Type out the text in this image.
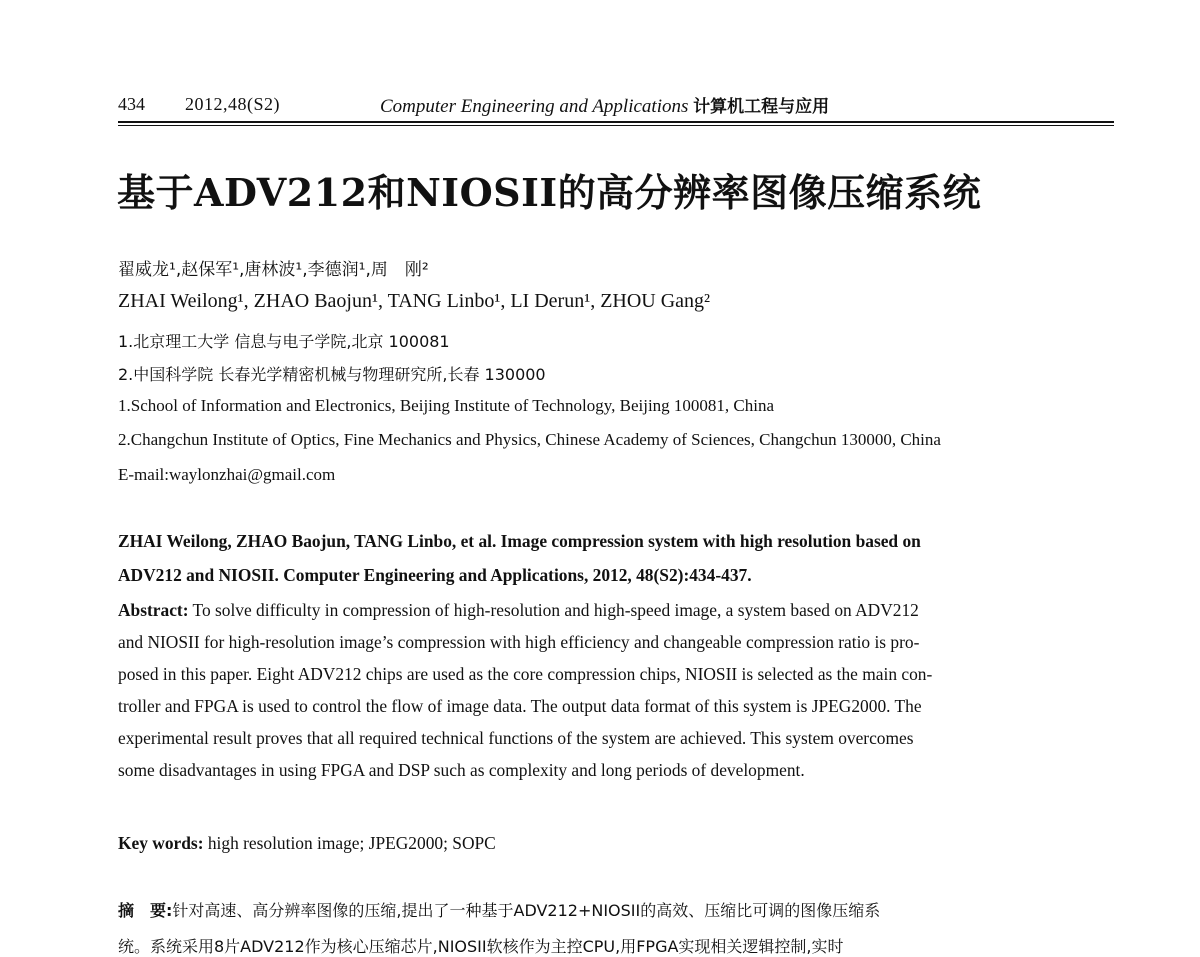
434 2012,48(S2)	Computer Engineering and Applications 计算机工程与应用
基于ADV212和NIOSII的高分辨率图像压缩系统
翟威龙¹,赵保军¹,唐林波¹,李德润¹,周　刚²
ZHAI Weilong¹, ZHAO Baojun¹, TANG Linbo¹, LI Derun¹, ZHOU Gang²
1.北京理工大学 信息与电子学院,北京 100081
2.中国科学院 长春光学精密机械与物理研究所,长春 130000
1.School of Information and Electronics, Beijing Institute of Technology, Beijing 100081, China
2.Changchun Institute of Optics, Fine Mechanics and Physics, Chinese Academy of Sciences, Changchun 130000, China
E-mail:waylonzhai@gmail.com
ZHAI Weilong, ZHAO Baojun, TANG Linbo, et al. Image compression system with high resolution based on
ADV212 and NIOSII. Computer Engineering and Applications, 2012, 48(S2):434-437.
Abstract: To solve difficulty in compression of high-resolution and high-speed image, a system based on ADV212
and NIOSII for high-resolution image’s compression with high efficiency and changeable compression ratio is pro-
posed in this paper. Eight ADV212 chips are used as the core compression chips, NIOSII is selected as the main con-
troller and FPGA is used to control the flow of image data. The output data format of this system is JPEG2000. The
experimental result proves that all required technical functions of the system are achieved. This system overcomes
some disadvantages in using FPGA and DSP such as complexity and long periods of development.
Key words: high resolution image; JPEG2000; SOPC
摘　要:针对高速、高分辨率图像的压缩,提出了一种基于ADV212+NIOSII的高效、压缩比可调的图像压缩系
统。系统采用8片ADV212作为核心压缩芯片,NIOSII软核作为主控CPU,用FPGA实现相关逻辑控制,实时
